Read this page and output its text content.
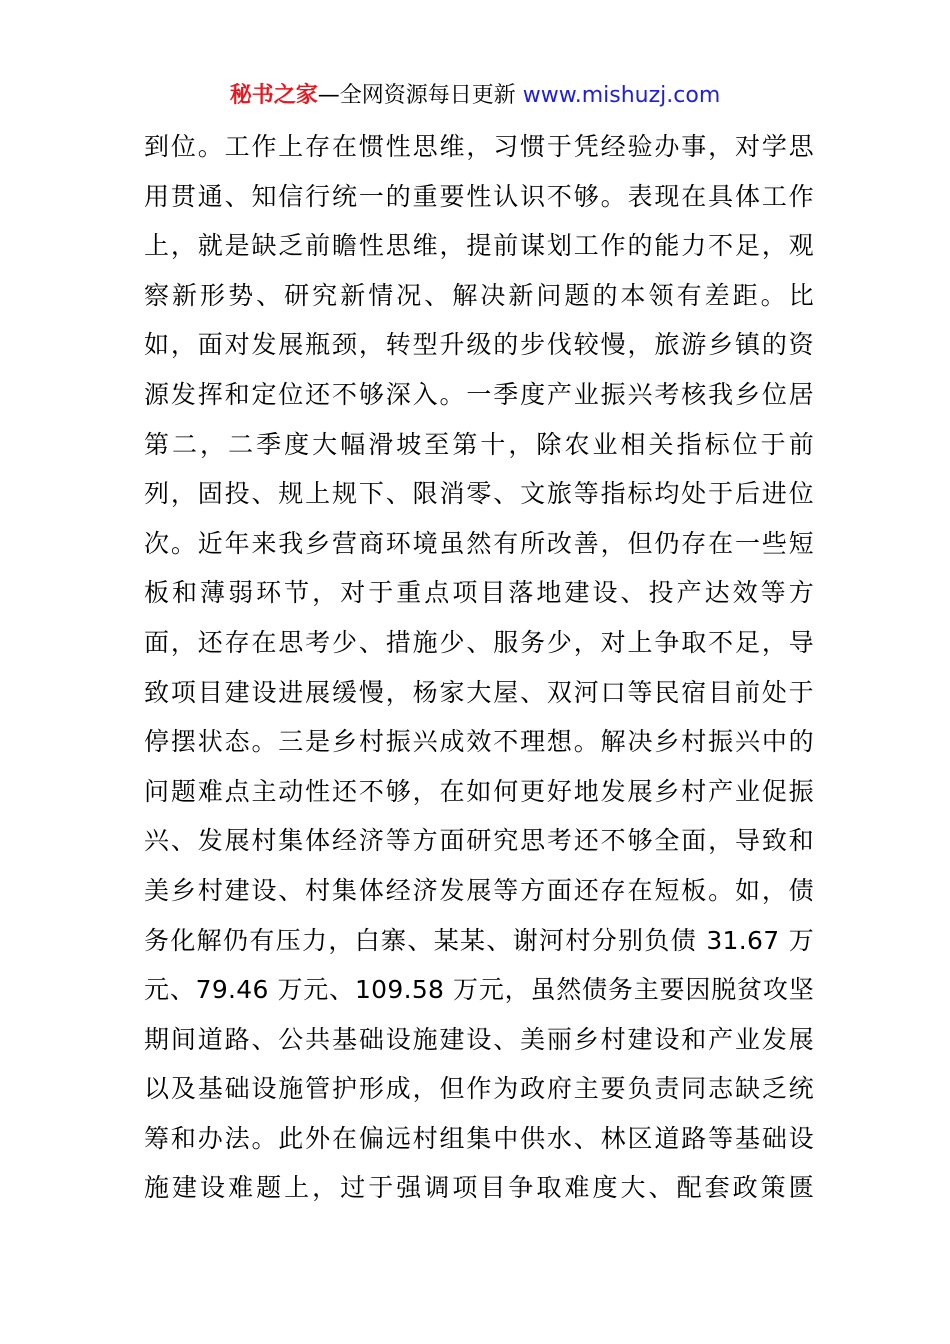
秘书之家—全网资源每日更新 www.mishuzj.com
到位。工作上存在惯性思维，习惯于凭经验办事，对学思
用贯通、知信行统一的重要性认识不够。表现在具体工作
上，就是缺乏前瞻性思维，提前谋划工作的能力不足，观
察新形势、研究新情况、解决新问题的本领有差距。比
如，面对发展瓶颈，转型升级的步伐较慢，旅游乡镇的资
源发挥和定位还不够深入。一季度产业振兴考核我乡位居
第二，二季度大幅滑坡至第十，除农业相关指标位于前
列，固投、规上规下、限消零、文旅等指标均处于后进位
次。近年来我乡营商环境虽然有所改善，但仍存在一些短
板和薄弱环节，对于重点项目落地建设、投产达效等方
面，还存在思考少、措施少、服务少，对上争取不足，导
致项目建设进展缓慢，杨家大屋、双河口等民宿目前处于
停摆状态。三是乡村振兴成效不理想。解决乡村振兴中的
问题难点主动性还不够，在如何更好地发展乡村产业促振
兴、发展村集体经济等方面研究思考还不够全面，导致和
美乡村建设、村集体经济发展等方面还存在短板。如，债
务化解仍有压力，白寨、某某、谢河村分别负债 31.67 万
元、79.46 万元、109.58 万元，虽然债务主要因脱贫攻坚
期间道路、公共基础设施建设、美丽乡村建设和产业发展
以及基础设施管护形成，但作为政府主要负责同志缺乏统
筹和办法。此外在偏远村组集中供水、林区道路等基础设
施建设难题上，过于强调项目争取难度大、配套政策匮
